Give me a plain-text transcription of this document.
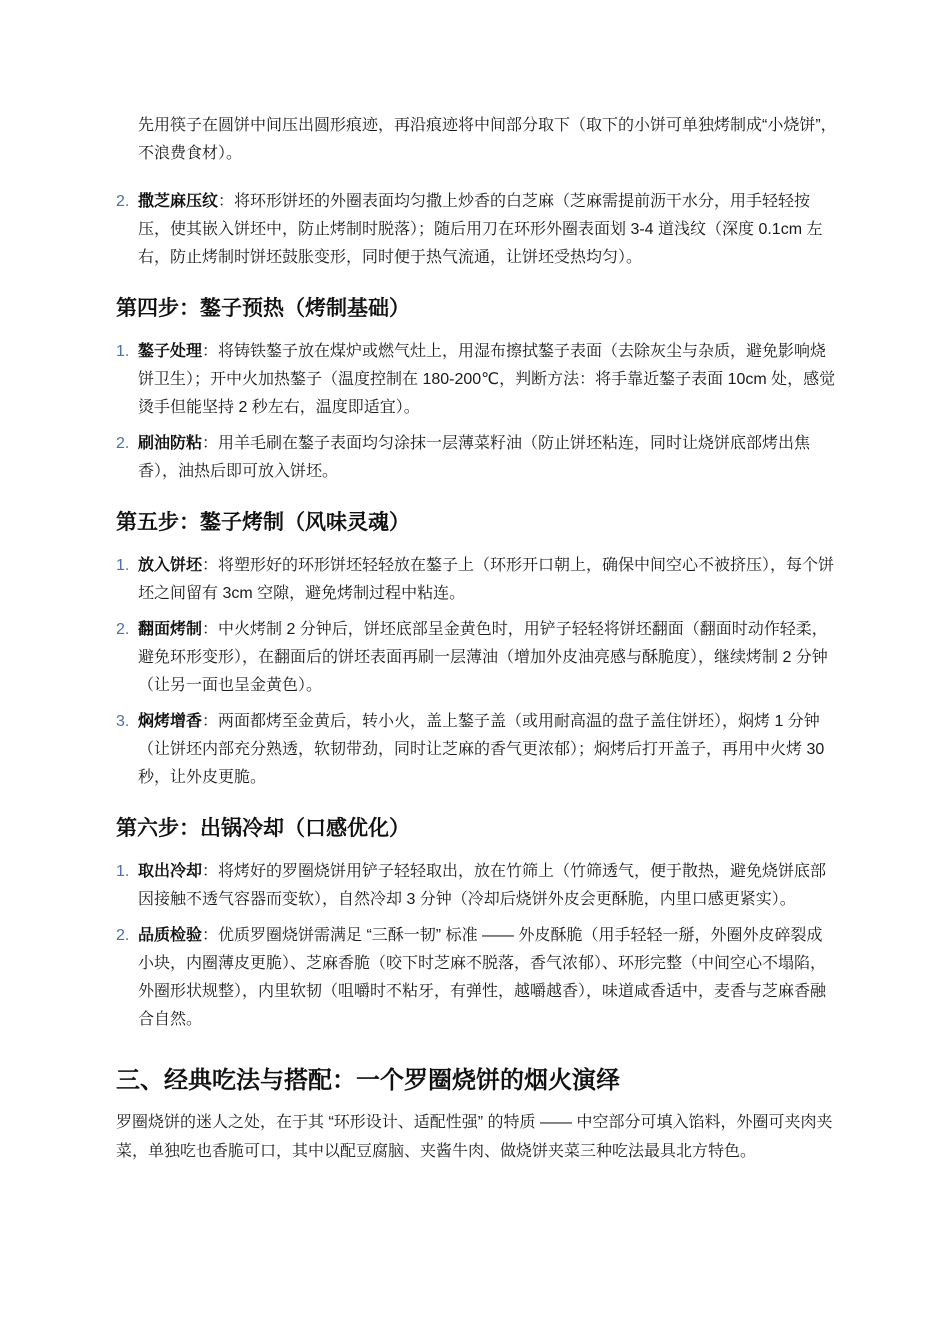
先用筷子在圆饼中间压出圆形痕迹，再沿痕迹将中间部分取下（取下的小饼可单独烤制成“小烧饼”，不浪费食材）。
2. 撒芝麻压纹：将环形饼坯的外圈表面均匀撒上炒香的白芝麻（芝麻需提前沥干水分，用手轻轻按压，使其嵌入饼坯中，防止烤制时脱落）；随后用刀在环形外圈表面划 3-4 道浅纹（深度 0.1cm 左右，防止烤制时饼坯鼓胀变形，同时便于热气流通，让饼坯受热均匀）。
第四步：鏊子预热（烤制基础）
1. 鏊子处理：将铸铁鏊子放在煤炉或燃气灶上，用湿布擦拭鏊子表面（去除灰尘与杂质，避免影响烧饼卫生）；开中火加热鏊子（温度控制在 180-200℃，判断方法：将手靠近鏊子表面 10cm 处，感觉烫手但能坚持 2 秒左右，温度即适宜）。
2. 刷油防粘：用羊毛刷在鏊子表面均匀涂抹一层薄菜籽油（防止饼坯粘连，同时让烧饼底部烤出焦香），油热后即可放入饼坯。
第五步：鏊子烤制（风味灵魂）
1. 放入饼坯：将塑形好的环形饼坯轻轻放在鏊子上（环形开口朝上，确保中间空心不被挤压），每个饼坯之间留有 3cm 空隙，避免烤制过程中粘连。
2. 翻面烤制：中火烤制 2 分钟后，饼坯底部呈金黄色时，用铲子轻轻将饼坯翻面（翻面时动作轻柔，避免环形变形），在翻面后的饼坯表面再刷一层薄油（增加外皮油亮感与酥脆度），继续烤制 2 分钟（让另一面也呈金黄色）。
3. 焖烤增香：两面都烤至金黄后，转小火，盖上鏊子盖（或用耐高温的盘子盖住饼坯），焖烤 1 分钟（让饼坯内部充分熟透，软韧带劲，同时让芝麻的香气更浓郁）；焖烤后打开盖子，再用中火烤 30 秒，让外皮更脆。
第六步：出锅冷却（口感优化）
1. 取出冷却：将烤好的罗圈烧饼用铲子轻轻取出，放在竹筛上（竹筛透气，便于散热，避免烧饼底部因接触不透气容器而变软），自然冷却 3 分钟（冷却后烧饼外皮会更酥脆，内里口感更紧实）。
2. 品质检验：优质罗圈烧饼需满足 “三酥一韧” 标准 —— 外皮酥脆（用手轻轻一掰，外圈外皮碎裂成小块，内圈薄皮更脆）、芝麻香脆（咬下时芝麻不脱落，香气浓郁）、环形完整（中间空心不塌陷，外圈形状规整），内里软韧（咀嚼时不粘牙，有弹性，越嚼越香），味道咸香适中，麦香与芝麻香融合自然。
三、经典吃法与搭配：一个罗圈烧饼的烟火演绎

罗圈烧饼的迷人之处，在于其 “环形设计、适配性强” 的特质 —— 中空部分可填入馅料，外圈可夹肉夹菜，单独吃也香脆可口，其中以配豆腐脑、夹酱牛肉、做烧饼夹菜三种吃法最具北方特色。
